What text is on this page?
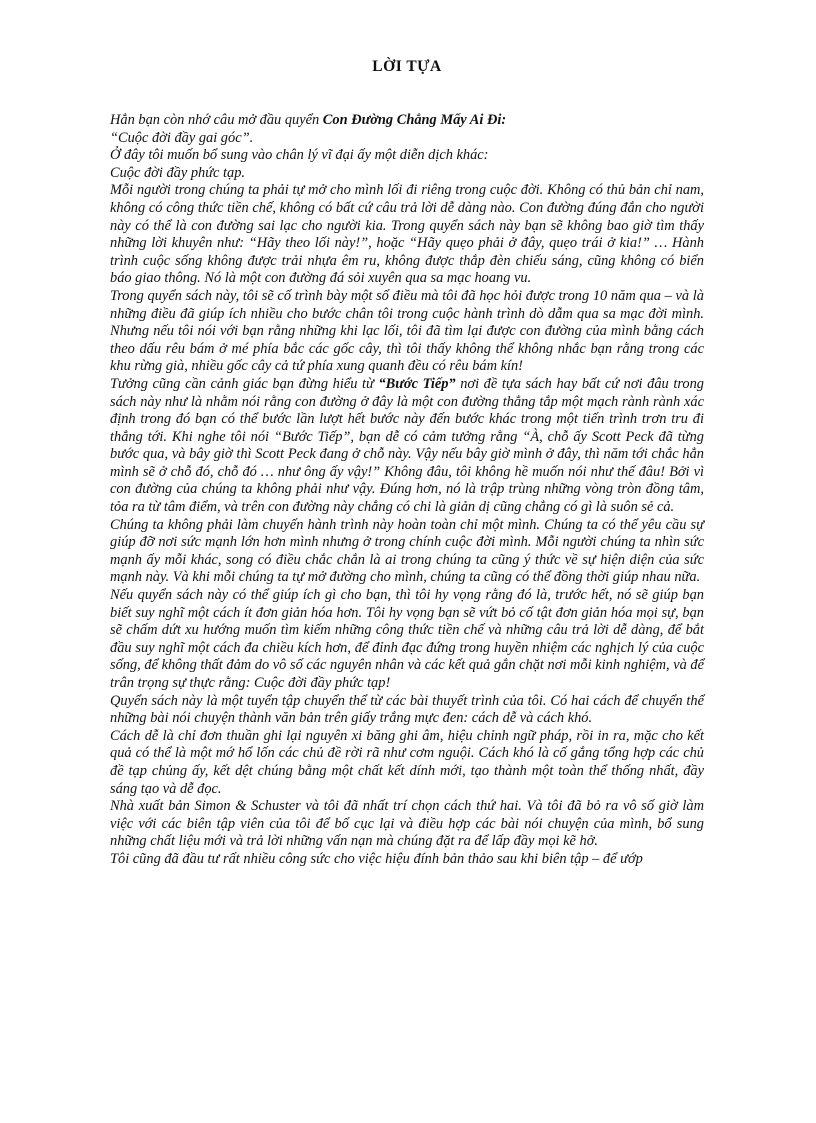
LỜI TỰA

Hẳn bạn còn nhớ câu mở đầu quyển Con Đường Chẳng Mấy Ai Đi:

“Cuộc đời đầy gai góc”.

Ở đây tôi muốn bổ sung vào chân lý vĩ đại ấy một diễn dịch khác:

Cuộc đời đầy phức tạp.

Mỗi người trong chúng ta phải tự mở cho mình lối đi riêng trong cuộc đời. Không có thủ bản chỉ nam, không có công thức tiền chế, không có bất cứ câu trả lời dễ dàng nào. Con đường đúng đắn cho người này có thể là con đường sai lạc cho người kia. Trong quyển sách này bạn sẽ không bao giờ tìm thấy những lời khuyên như: “Hãy theo lối này!”, hoặc “Hãy quẹo phải ở đây, quẹo trái ở kia!” … Hành trình cuộc sống không được trải nhựa êm ru, không được thắp đèn chiếu sáng, cũng không có biển báo giao thông. Nó là một con đường đá sỏi xuyên qua sa mạc hoang vu.

Trong quyển sách này, tôi sẽ cố trình bày một số điều mà tôi đã học hỏi được trong 10 năm qua – và là những điều đã giúp ích nhiều cho bước chân tôi trong cuộc hành trình dò dẫm qua sa mạc đời mình. Nhưng nếu tôi nói với bạn rằng những khi lạc lối, tôi đã tìm lại được con đường của mình bằng cách theo dấu rêu bám ở mé phía bắc các gốc cây, thì tôi thấy không thể không nhắc bạn rằng trong các khu rừng già, nhiều gốc cây cả tứ phía xung quanh đều có rêu bám kín!

Tưởng cũng cần cảnh giác bạn đừng hiểu từ “Bước Tiếp” nơi đề tựa sách hay bất cứ nơi đâu trong sách này như là nhằm nói rằng con đường ở đây là một con đường thẳng tắp một mạch rành rành xác định trong đó bạn có thể bước lần lượt hết bước này đến bước khác trong một tiến trình trơn tru đi thẳng tới. Khi nghe tôi nói “Bước Tiếp”, bạn dễ có cảm tưởng rằng “À, chỗ ấy Scott Peck đã từng bước qua, và bây giờ thì Scott Peck đang ở chỗ này. Vậy nếu bây giờ mình ở đây, thì năm tới chắc hẳn mình sẽ ở chỗ đó, chỗ đó … như ông ấy vậy!” Không đâu, tôi không hề muốn nói như thế đâu! Bởi vì con đường của chúng ta không phải như vậy. Đúng hơn, nó là trập trùng những vòng tròn đồng tâm, tỏa ra từ tâm điểm, và trên con đường này chẳng có chi là giản dị cũng chẳng có gì là suôn sẻ cả.

Chúng ta không phải làm chuyến hành trình này hoàn toàn chỉ một mình. Chúng ta có thể yêu cầu sự giúp đỡ nơi sức mạnh lớn hơn mình nhưng ở trong chính cuộc đời mình. Mỗi người chúng ta nhìn sức mạnh ấy mỗi khác, song có điều chắc chắn là ai trong chúng ta cũng ý thức về sự hiện diện của sức mạnh này. Và khi mỗi chúng ta tự mở đường cho mình, chúng ta cũng có thể đồng thời giúp nhau nữa.

Nếu quyển sách này có thể giúp ích gì cho bạn, thì tôi hy vọng rằng đó là, trước hết, nó sẽ giúp bạn biết suy nghĩ một cách ít đơn giản hóa hơn. Tôi hy vọng bạn sẽ vứt bỏ cố tật đơn giản hóa mọi sự, bạn sẽ chấm dứt xu hướng muốn tìm kiếm những công thức tiền chế và những câu trả lời dễ dàng, để bắt đầu suy nghĩ một cách đa chiều kích hơn, để đỉnh đạc đứng trong huyền nhiệm các nghịch lý của cuộc sống, để không thất đảm do vô số các nguyên nhân và các kết quả gắn chặt nơi mỗi kinh nghiệm, và để trân trọng sự thực rằng: Cuộc đời đầy phức tạp!

Quyển sách này là một tuyển tập chuyển thể từ các bài thuyết trình của tôi. Có hai cách để chuyển thể những bài nói chuyện thành văn bản trên giấy trắng mực đen: cách dễ và cách khó.

Cách dễ là chỉ đơn thuần ghi lại nguyên xi băng ghi âm, hiệu chỉnh ngữ pháp, rồi in ra, mặc cho kết quả có thể là một mớ hổ lốn các chủ đề rời rã như cơm nguội. Cách khó là cố gắng tổng hợp các chủ đề tạp chủng ấy, kết dệt chúng bằng một chất kết dính mới, tạo thành một toàn thể thống nhất, đầy sáng tạo và dễ đọc.

Nhà xuất bản Simon & Schuster và tôi đã nhất trí chọn cách thứ hai. Và tôi đã bỏ ra vô số giờ làm việc với các biên tập viên của tôi để bố cục lại và điều hợp các bài nói chuyện của mình, bổ sung những chất liệu mới và trả lời những vấn nạn mà chúng đặt ra để lấp đầy mọi kẽ hở.

Tôi cũng đã đầu tư rất nhiều công sức cho việc hiệu đính bản thảo sau khi biên tập – để ướp
